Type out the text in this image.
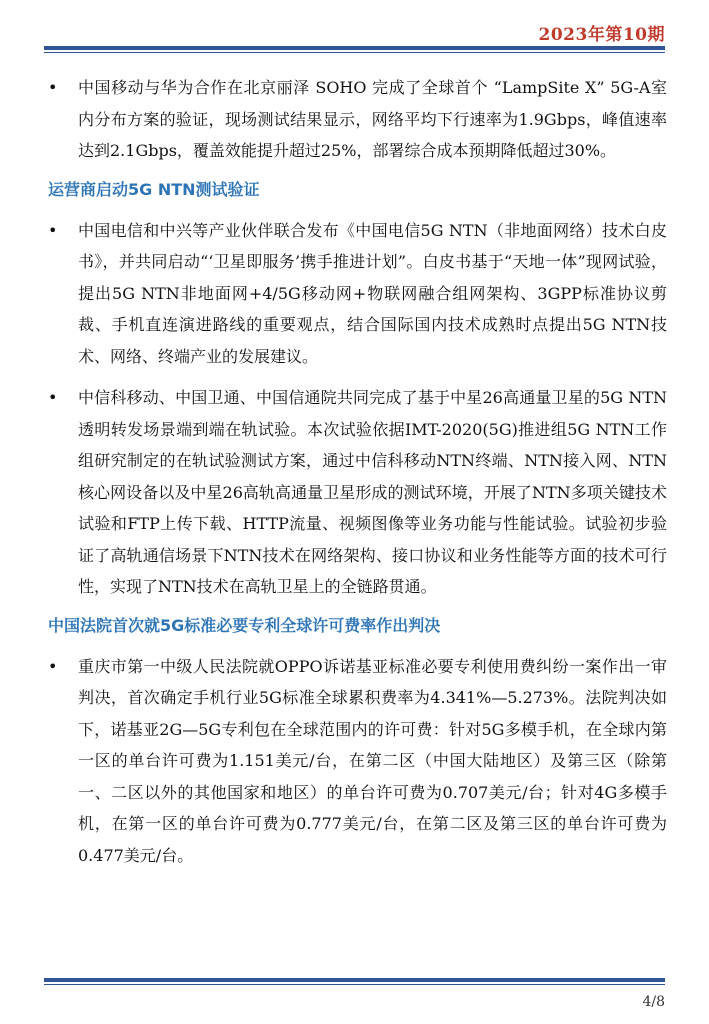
2023年第10期
• 中国移动与华为合作在北京丽泽 SOHO 完成了全球首个 “LampSite X” 5G-A室内分布方案的验证，现场测试结果显示，网络平均下行速率为1.9Gbps，峰值速率达到2.1Gbps，覆盖效能提升超过25%，部署综合成本预期降低超过30%。
运营商启动5G NTN测试验证
• 中国电信和中兴等产业伙伴联合发布《中国电信5G NTN（非地面网络）技术白皮书》，并共同启动“‘卫星即服务’携手推进计划”。白皮书基于“天地一体”现网试验，提出5G NTN非地面网+4/5G移动网+物联网融合组网架构、3GPP标准协议剪裁、手机直连演进路线的重要观点，结合国际国内技术成熟时点提出5G NTN技术、网络、终端产业的发展建议。
• 中信科移动、中国卫通、中国信通院共同完成了基于中星26高通量卫星的5G NTN透明转发场景端到端在轨试验。本次试验依据IMT-2020(5G)推进组5G NTN工作组研究制定的在轨试验测试方案，通过中信科移动NTN终端、NTN接入网、NTN核心网设备以及中星26高轨高通量卫星形成的测试环境，开展了NTN多项关键技术试验和FTP上传下载、HTTP流量、视频图像等业务功能与性能试验。试验初步验证了高轨通信场景下NTN技术在网络架构、接口协议和业务性能等方面的技术可行性，实现了NTN技术在高轨卫星上的全链路贯通。
中国法院首次就5G标准必要专利全球许可费率作出判决
• 重庆市第一中级人民法院就OPPO诉诺基亚标准必要专利使用费纠纷一案作出一审判决，首次确定手机行业5G标准全球累积费率为4.341%—5.273%。法院判决如下，诺基亚2G—5G专利包在全球范围内的许可费：针对5G多模手机，在全球内第一区的单台许可费为1.151美元/台，在第二区（中国大陆地区）及第三区（除第一、二区以外的其他国家和地区）的单台许可费为0.707美元/台；针对4G多模手机，在第一区的单台许可费为0.777美元/台，在第二区及第三区的单台许可费为0.477美元/台。
4/8
